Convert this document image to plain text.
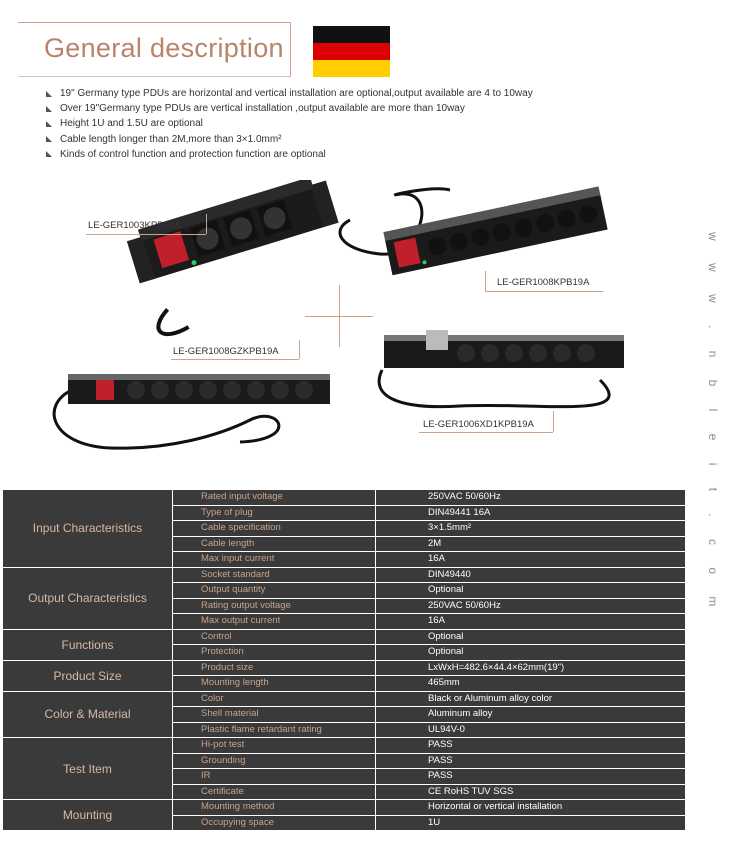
General description
19" Germany type PDUs are horizontal and vertical installation are optional,output available are 4 to 10way
Over 19"Germany type PDUs are vertical installation ,output available are more than 10way
Height 1U and 1.5U are optional
Cable length longer than 2M,more than 3×1.0mm²
Kinds of control function and protection function are optional
LE-GER1003KPB10A
LE-GER1008KPB19A
LE-GER1008GZKPB19A
LE-GER1006XD1KPB19A	w w w . n b l e i t . c o m
Input Characteristics	Rated input voltage	250VAC 50/60Hz
	Type of plug	DIN49441 16A
	Cable specification	3×1.5mm²
	Cable length	2M
	Max input current	16A
Output Characteristics	Socket standard	DIN49440
	Output quantity	Optional
	Rating output voltage	250VAC 50/60Hz
	Max output current	16A
Functions	Control	Optional
	Protection	Optional
Product Size	Product size	LxWxH=482.6×44.4×62mm(19")
	Mounting length	465mm
Color & Material	Color	Black or Aluminum alloy color
	Shell material	Aluminum alloy
	Plastic flame retardant rating	UL94V-0
Test Item	Hi-pot test	PASS
	Grounding	PASS
	IR	PASS
	Certificate	CE RoHS TUV SGS
Mounting	Mounting method	Horizontal or vertical installation
	Occupying space	1U
